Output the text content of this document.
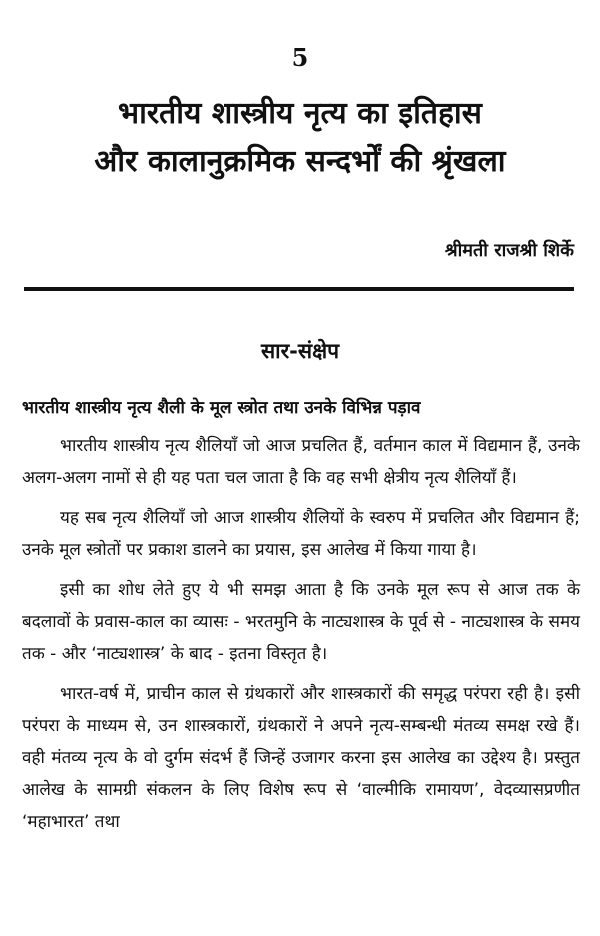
5
भारतीय शास्त्रीय नृत्य का इतिहास
और कालानुक्रमिक सन्दर्भों की श्रृंखला
श्रीमती राजश्री शिर्के
सार-संक्षेप
भारतीय शास्त्रीय नृत्य शैली के मूल स्त्रोत तथा उनके विभिन्न पड़ाव

भारतीय शास्त्रीय नृत्य शैलियाँ जो आज प्रचलित हैं, वर्तमान काल में विद्यमान हैं, उनके अलग-अलग नामों से ही यह पता चल जाता है कि वह सभी क्षेत्रीय नृत्य शैलियाँ हैं।

यह सब नृत्य शैलियाँ जो आज शास्त्रीय शैलियों के स्वरुप में प्रचलित और विद्यमान हैं; उनके मूल स्त्रोतों पर प्रकाश डालने का प्रयास, इस आलेख में किया गाया है।

इसी का शोध लेते हुए ये भी समझ आता है कि उनके मूल रूप से आज तक के बदलावों के प्रवास-काल का व्यासः - भरतमुनि के नाट्यशास्त्र के पूर्व से - नाट्यशास्त्र के समय तक - और ‘नाट्यशास्त्र’ के बाद - इतना विस्तृत है।

भारत-वर्ष में, प्राचीन काल से ग्रंथकारों और शास्त्रकारों की समृद्ध परंपरा रही है। इसी परंपरा के माध्यम से, उन शास्त्रकारों, ग्रंथकारों ने अपने नृत्य-सम्बन्धी मंतव्य समक्ष रखे हैं।वही मंतव्य नृत्य के वो दुर्गम संदर्भ हैं जिन्हें उजागर करना इस आलेख का उद्देश्य है। प्रस्तुत आलेख के सामग्री संकलन के लिए विशेष रूप से ‘वाल्मीकि रामायण’, वेदव्यासप्रणीत ‘महाभारत’ तथा
